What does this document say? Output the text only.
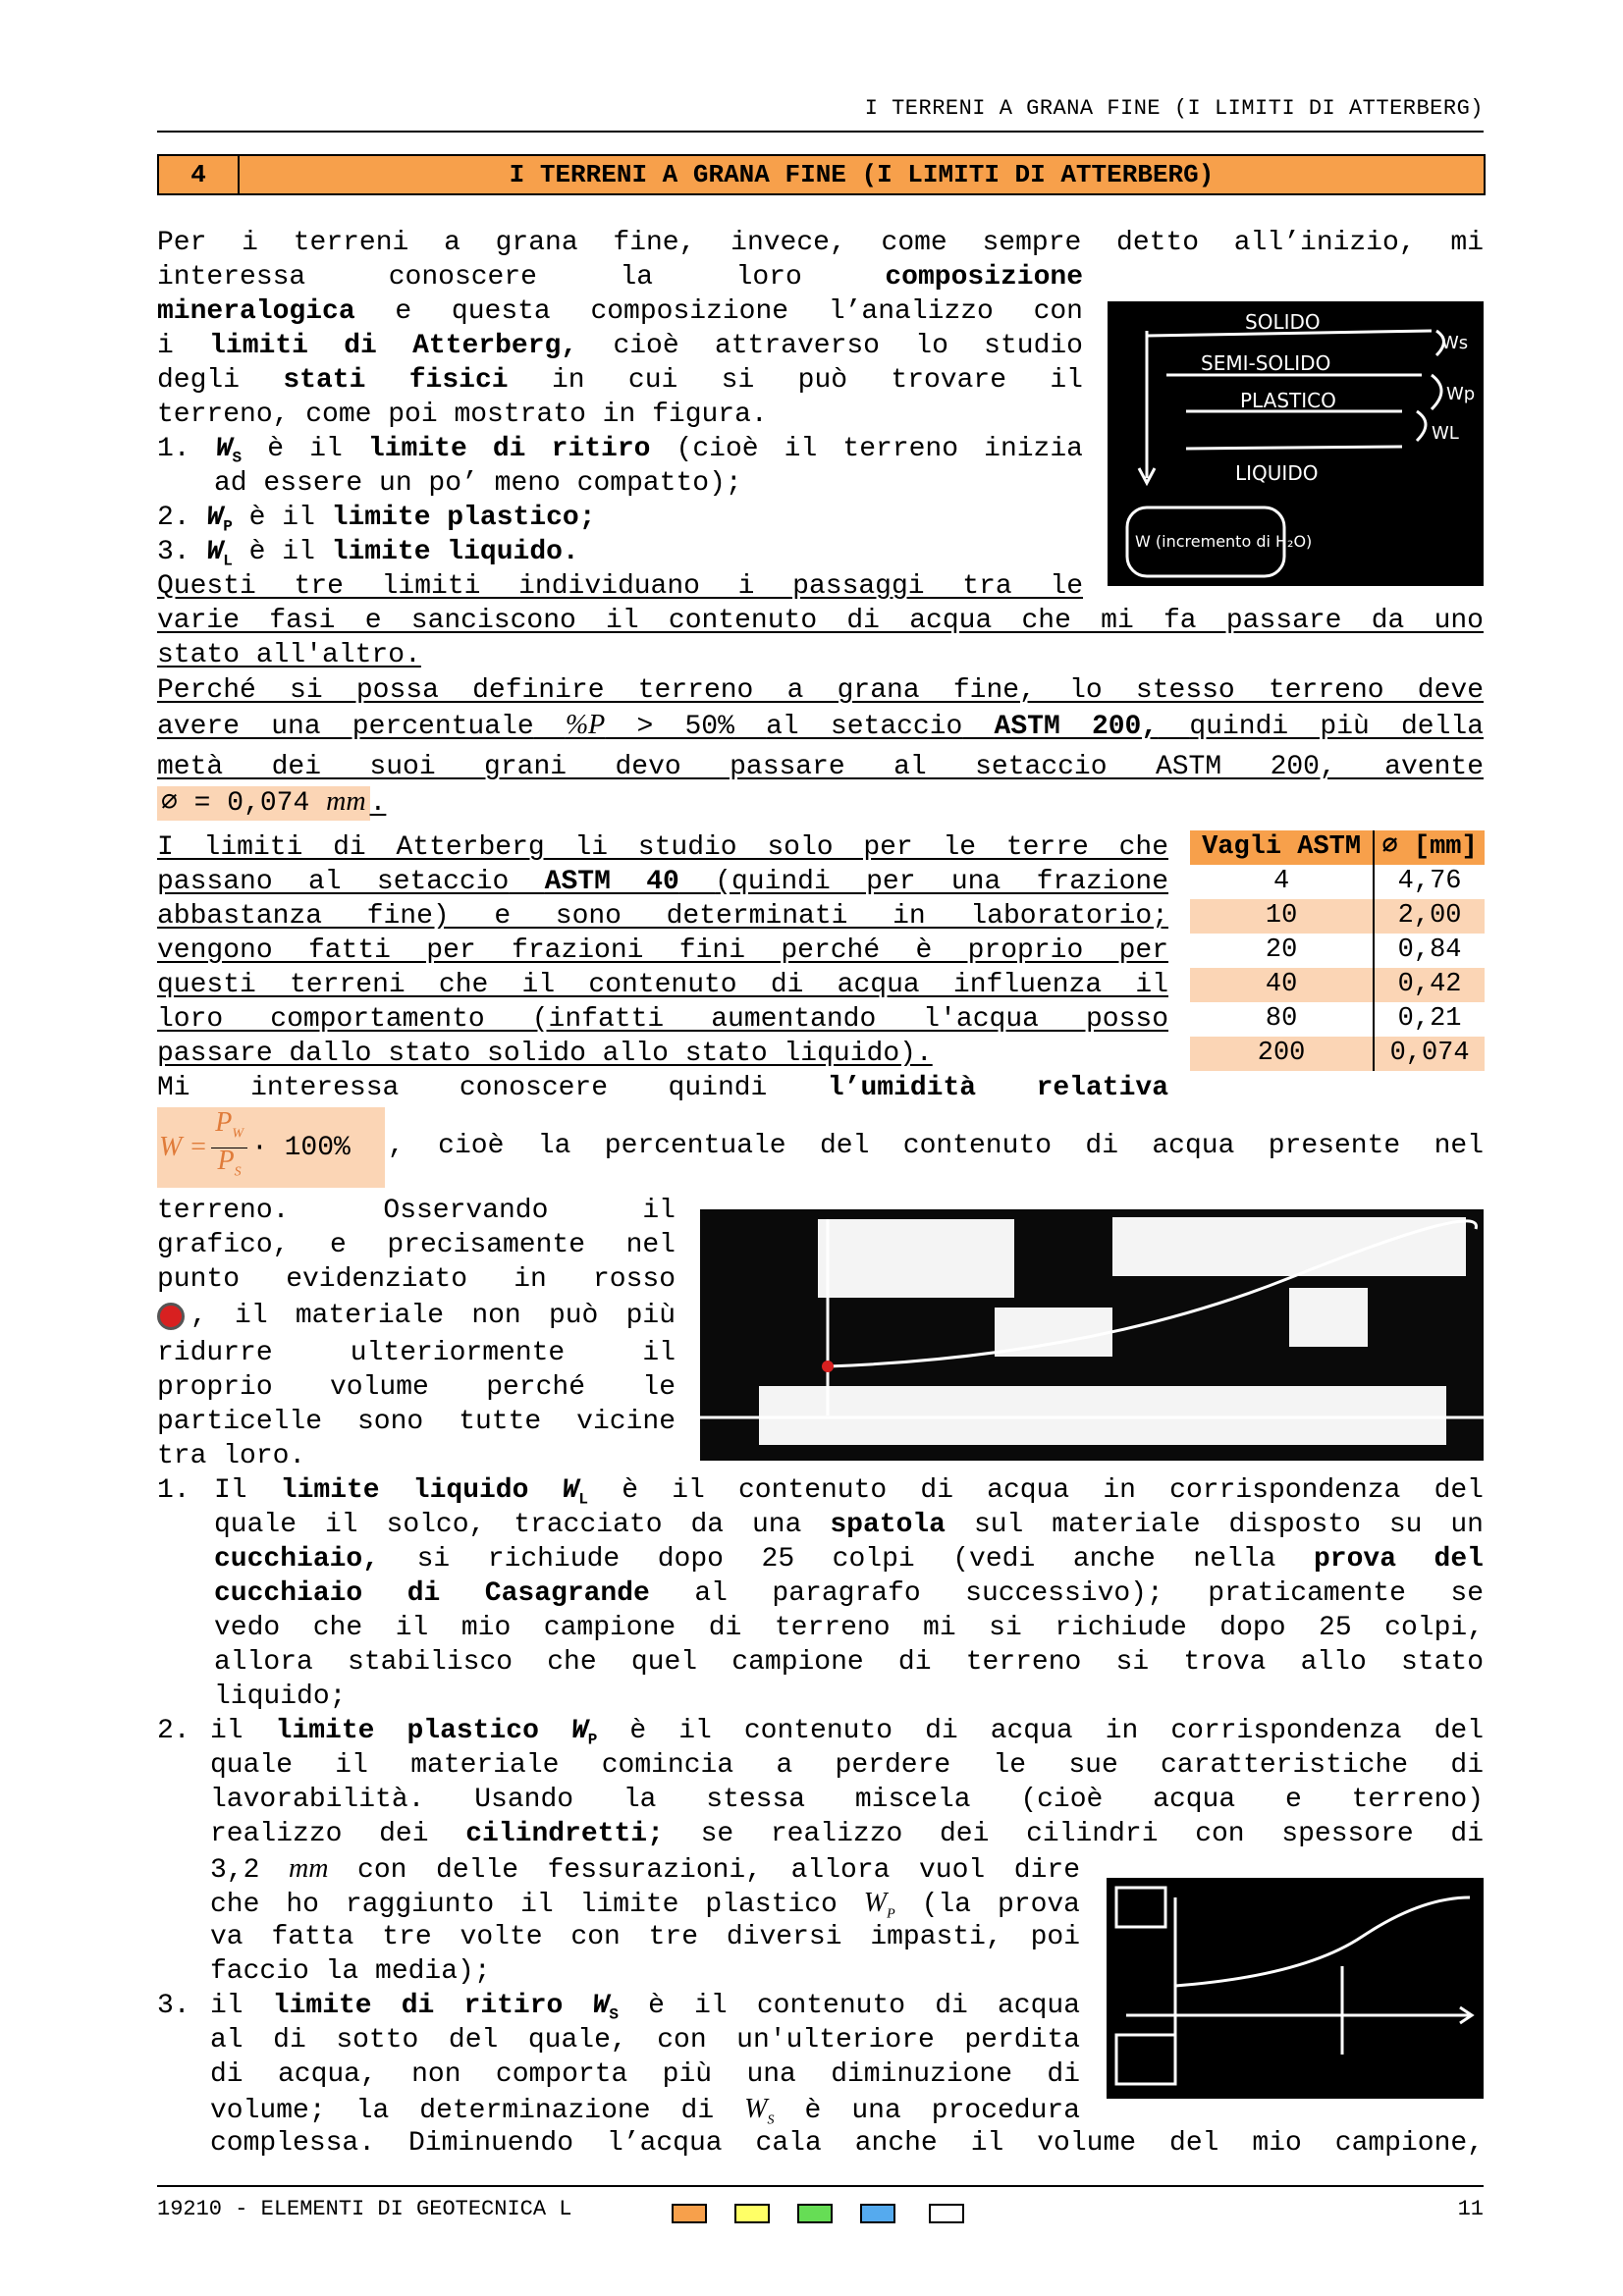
I TERRENI A GRANA FINE (I LIMITI DI ATTERBERG)
4	I TERRENI A GRANA FINE (I LIMITI DI ATTERBERG)
Per i terreni a grana fine, invece, come sempre detto all’inizio, mi
interessa conoscere la loro	composizione
mineralogica e questa composizione l’analizzo con
i limiti di Atterberg, cioè attraverso lo studio
degli stati fisici in cui si può trovare il
terreno, come poi mostrato in figura.
1. $W_S$ è il limite di ritiro (cioè il terreno inizia
ad essere un po’ meno compatto);
2. $W_P$ è il limite plastico;
3. $W_L$ è il limite liquido.
SOLIDO
SEMI-SOLIDO
PLASTICO
LIQUIDO
W (incremento di H₂O)
Ws
Wp
WL
Questi tre limiti individuano i passaggi tra le
varie fasi e sanciscono il contenuto di acqua che mi fa passare da uno
stato all'altro.
Perché si possa definire terreno a grana fine, lo stesso terreno deve
avere una percentuale %P > 50% al setaccio ASTM 200, quindi più della
metà dei suoi grani devo passare al setaccio ASTM 200, avente
⌀ = 0,074 mm .
I limiti di Atterberg li studio solo per le terre che
passano al setaccio ASTM 40 (quindi per una frazione
abbastanza fine) e sono determinati in laboratorio;
vengono fatti per frazioni fini perché è proprio per
questi terreni che il contenuto di acqua influenza il
loro comportamento (infatti aumentando l'acqua posso
passare dallo stato solido allo stato liquido).
Mi interessa conoscere quindi l’umidità relativa
Vagli ASTM	⌀ [mm]
4	4,76
10	2,00
20	0,84
40	0,42
80	0,21
200	0,074
$W = \frac{P_W}{P_S} \cdot 100\%$ , cioè la percentuale del contenuto di acqua presente nel
terreno. Osservando il
grafico, e precisamente nel
punto evidenziato in rosso
, il materiale non può più
ridurre ulteriormente il
proprio volume perché le
particelle sono tutte vicine
tra loro.
1. Il limite liquido $W_L$ è il contenuto di acqua in corrispondenza del
quale il solco, tracciato da una spatola sul materiale disposto su un
cucchiaio, si richiude dopo 25 colpi (vedi anche nella prova del
cucchiaio di Casagrande al paragrafo successivo); praticamente se
vedo che il mio campione di terreno mi si richiude dopo 25 colpi,
allora stabilisco che quel campione di terreno si trova allo stato
liquido;
2. il limite plastico $W_P$ è il contenuto di acqua in corrispondenza del
quale il materiale comincia a perdere le sue caratteristiche di
lavorabilità. Usando la stessa miscela (cioè acqua e terreno)
realizzo dei cilindretti; se realizzo dei cilindri con spessore di
3,2 mm con delle fessurazioni, allora vuol dire
che ho raggiunto il limite plastico $W_P$ (la prova
va fatta tre volte con tre diversi impasti, poi
faccio la media);
3. il limite di ritiro $W_S$ è il contenuto di acqua
al di sotto del quale, con un'ulteriore perdita
di acqua, non comporta più una diminuzione di
volume; la determinazione di $W_S$ è una procedura
complessa. Diminuendo l’acqua cala anche il volume del mio campione,
19210 - ELEMENTI DI GEOTECNICA L	11
